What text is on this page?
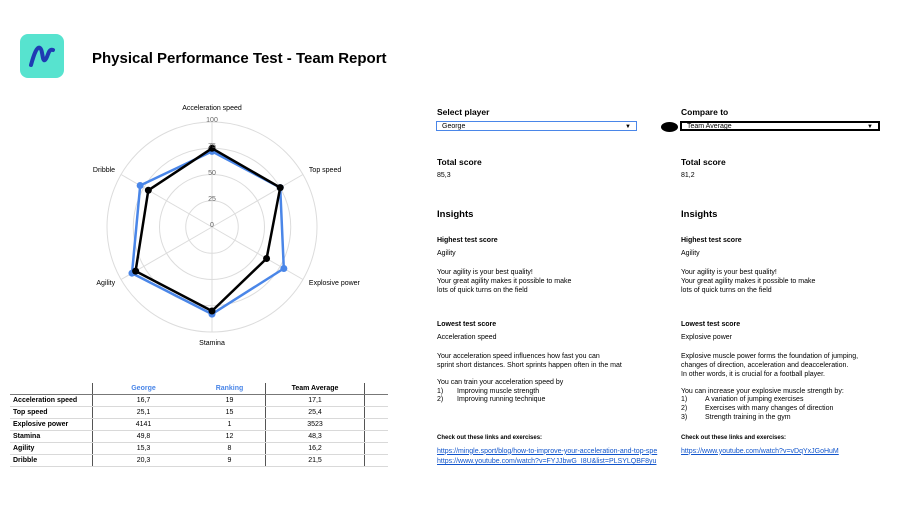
Physical Performance Test - Team Report
0
25
50
75
100
Acceleration speed
Top speed
Explosive power
Stamina
Agility
Dribble
	George	Ranking	Team Average	
Acceleration speed	16,7	19	17,1	
Top speed	25,1	15	25,4	
Explosive power	4141	1	3523	
Stamina	49,8	12	48,3	
Agility	15,3	8	16,2	
Dribble	20,3	9	21,5	
Select player
George	▼
Total score
85,3
Insights
Highest test score
Agility
Your agility is your best quality!
Your great agility makes it possible to make
lots of quick turns on the field
Lowest test score
Acceleration speed
Your acceleration speed influences how fast you can
sprint short distances. Short sprints happen often in the mat
You can train your acceleration speed by
1) Improving muscle strength
2) Improving running technique
Check out these links and exercises:
https://mingle.sport/blog/how-to-improve-your-acceleration-and-top-spe
https://www.youtube.com/watch?v=FYJJbwG_I8U&list=PLSYLQBF8yu
Compare to
Team Average	▼
Total score
81,2
Insights
Highest test score
Agility
Your agility is your best quality!
Your great agility makes it possible to make
lots of quick turns on the field
Lowest test score
Explosive power
Explosive muscle power forms the foundation of jumping,
changes of direction, acceleration and deacceleration.
In other words, it is crucial for a football player.
You can increase your explosive muscle strength by:
1)	A variation of jumping exercises
2)	Exercises with many changes of direction
3)	Strength training in the gym
Check out these links and exercises:
https://www.youtube.com/watch?v=vDqYxJGoHuM
